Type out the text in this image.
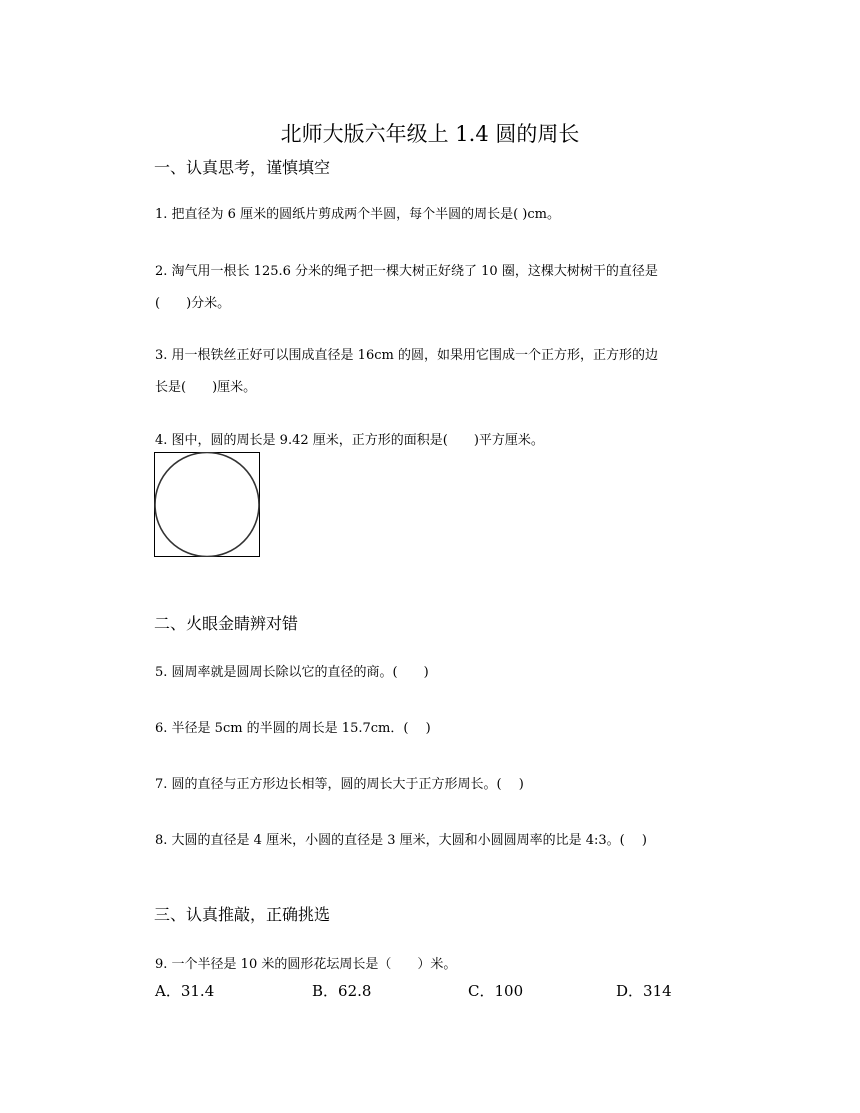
北师大版六年级上 1.4 圆的周长
一、认真思考，谨慎填空
1. 把直径为 6 厘米的圆纸片剪成两个半圆，每个半圆的周长是( )cm。
2. 淘气用一根长 125.6 分米的绳子把一棵大树正好绕了 10 圈，这棵大树树干的直径是
(　　)分米。
3. 用一根铁丝正好可以围成直径是 16cm 的圆，如果用它围成一个正方形，正方形的边
长是(　　)厘米。
4. 图中，圆的周长是 9.42 厘米，正方形的面积是(　　)平方厘米。
二、火眼金睛辨对错
5. 圆周率就是圆周长除以它的直径的商。(　　)
6. 半径是 5cm 的半圆的周长是 15.7cm．(　 )
7. 圆的直径与正方形边长相等，圆的周长大于正方形周长。(　 )
8. 大圆的直径是 4 厘米，小圆的直径是 3 厘米，大圆和小圆圆周率的比是 4:3。(　 )
三、认真推敲，正确挑选
9. 一个半径是 10 米的圆形花坛周长是（　　）米。
A．31.4	B．62.8	C．100	D．314
